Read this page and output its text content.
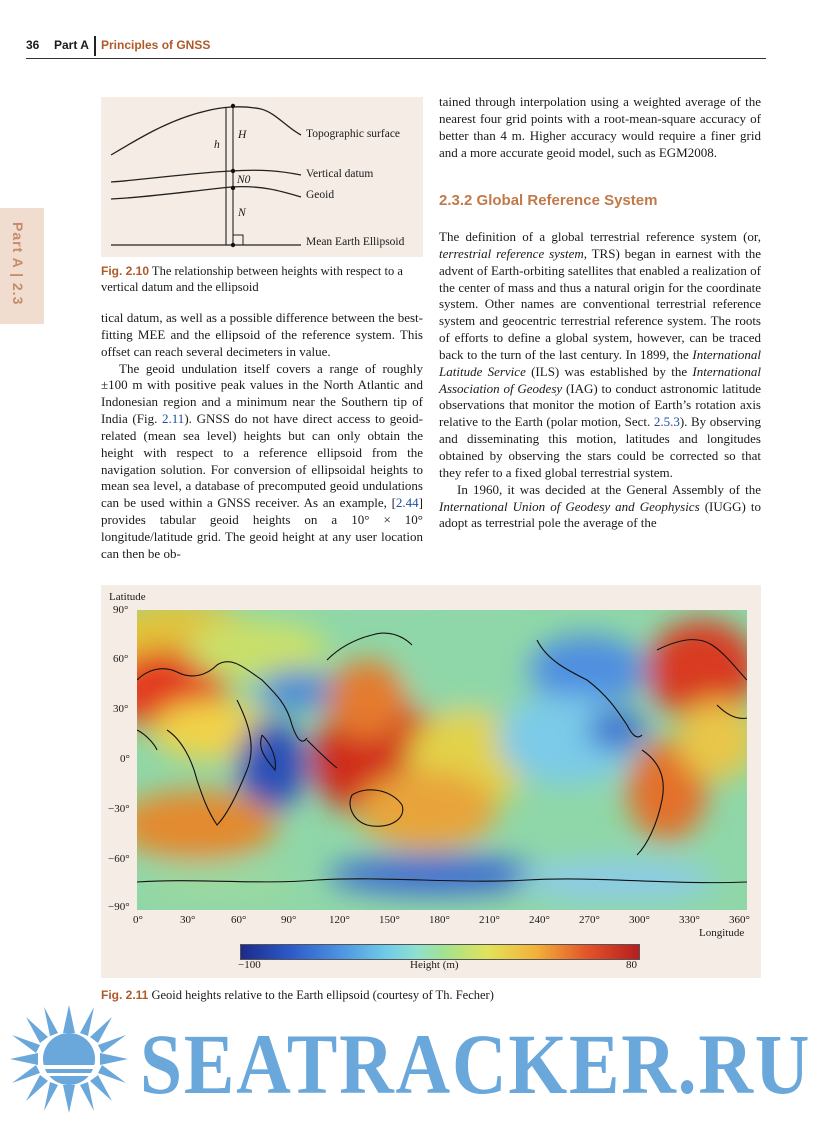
36 Part A Principles of GNSS
Part A | 2.3
H
h
N0
N
Topographic surface
Vertical datum
Geoid
Mean Earth Ellipsoid
Fig. 2.10 The relationship between heights with respect to a vertical datum and the ellipsoid

tical datum, as well as a possible difference between the best-fitting MEE and the ellipsoid of the reference system. This offset can reach several decimeters in value.

The geoid undulation itself covers a range of roughly ±100 m with positive peak values in the North Atlantic and Indonesian region and a minimum near the Southern tip of India (Fig. 2.11). GNSS do not have direct access to geoid-related (mean sea level) heights but can only obtain the height with respect to a reference ellipsoid from the navigation solution. For conversion of ellipsoidal heights to mean sea level, a database of precomputed geoid undulations can be used within a GNSS receiver. As an example, [2.44] provides tabular geoid heights on a 10° × 10° longitude/latitude grid. The geoid height at any user location can then be ob-

tained through interpolation using a weighted average of the nearest four grid points with a root-mean-square accuracy of better than 4 m. Higher accuracy would require a finer grid and a more accurate geoid model, such as EGM2008.

2.3.2 Global Reference System

The definition of a global terrestrial reference system (or, terrestrial reference system, TRS) began in earnest with the advent of Earth-orbiting satellites that enabled a realization of the center of mass and thus a natural origin for the coordinate system. Other names are conventional terrestrial reference system and geocentric terrestrial reference system. The roots of efforts to define a global system, however, can be traced back to the turn of the last century. In 1899, the International Latitude Service (ILS) was established by the International Association of Geodesy (IAG) to conduct astronomic latitude observations that monitor the motion of Earth’s rotation axis relative to the Earth (polar motion, Sect. 2.5.3). By observing and disseminating this motion, latitudes and longitudes obtained by observing the stars could be corrected so that they refer to a fixed global terrestrial system.

In 1960, it was decided at the General Assembly of the International Union of Geodesy and Geophysics (IUGG) to adopt as terrestrial pole the average of the

Latitude
90°
60°
30°
0°
−30°
−60°
−90°
0°	30°	60°	90°	120°	150°	180°	210°	240°	270°	300°	330°	360°
Longitude
−100	Height (m)	80
Fig. 2.11 Geoid heights relative to the Earth ellipsoid (courtesy of Th. Fecher)
SEATRACKER.RU
